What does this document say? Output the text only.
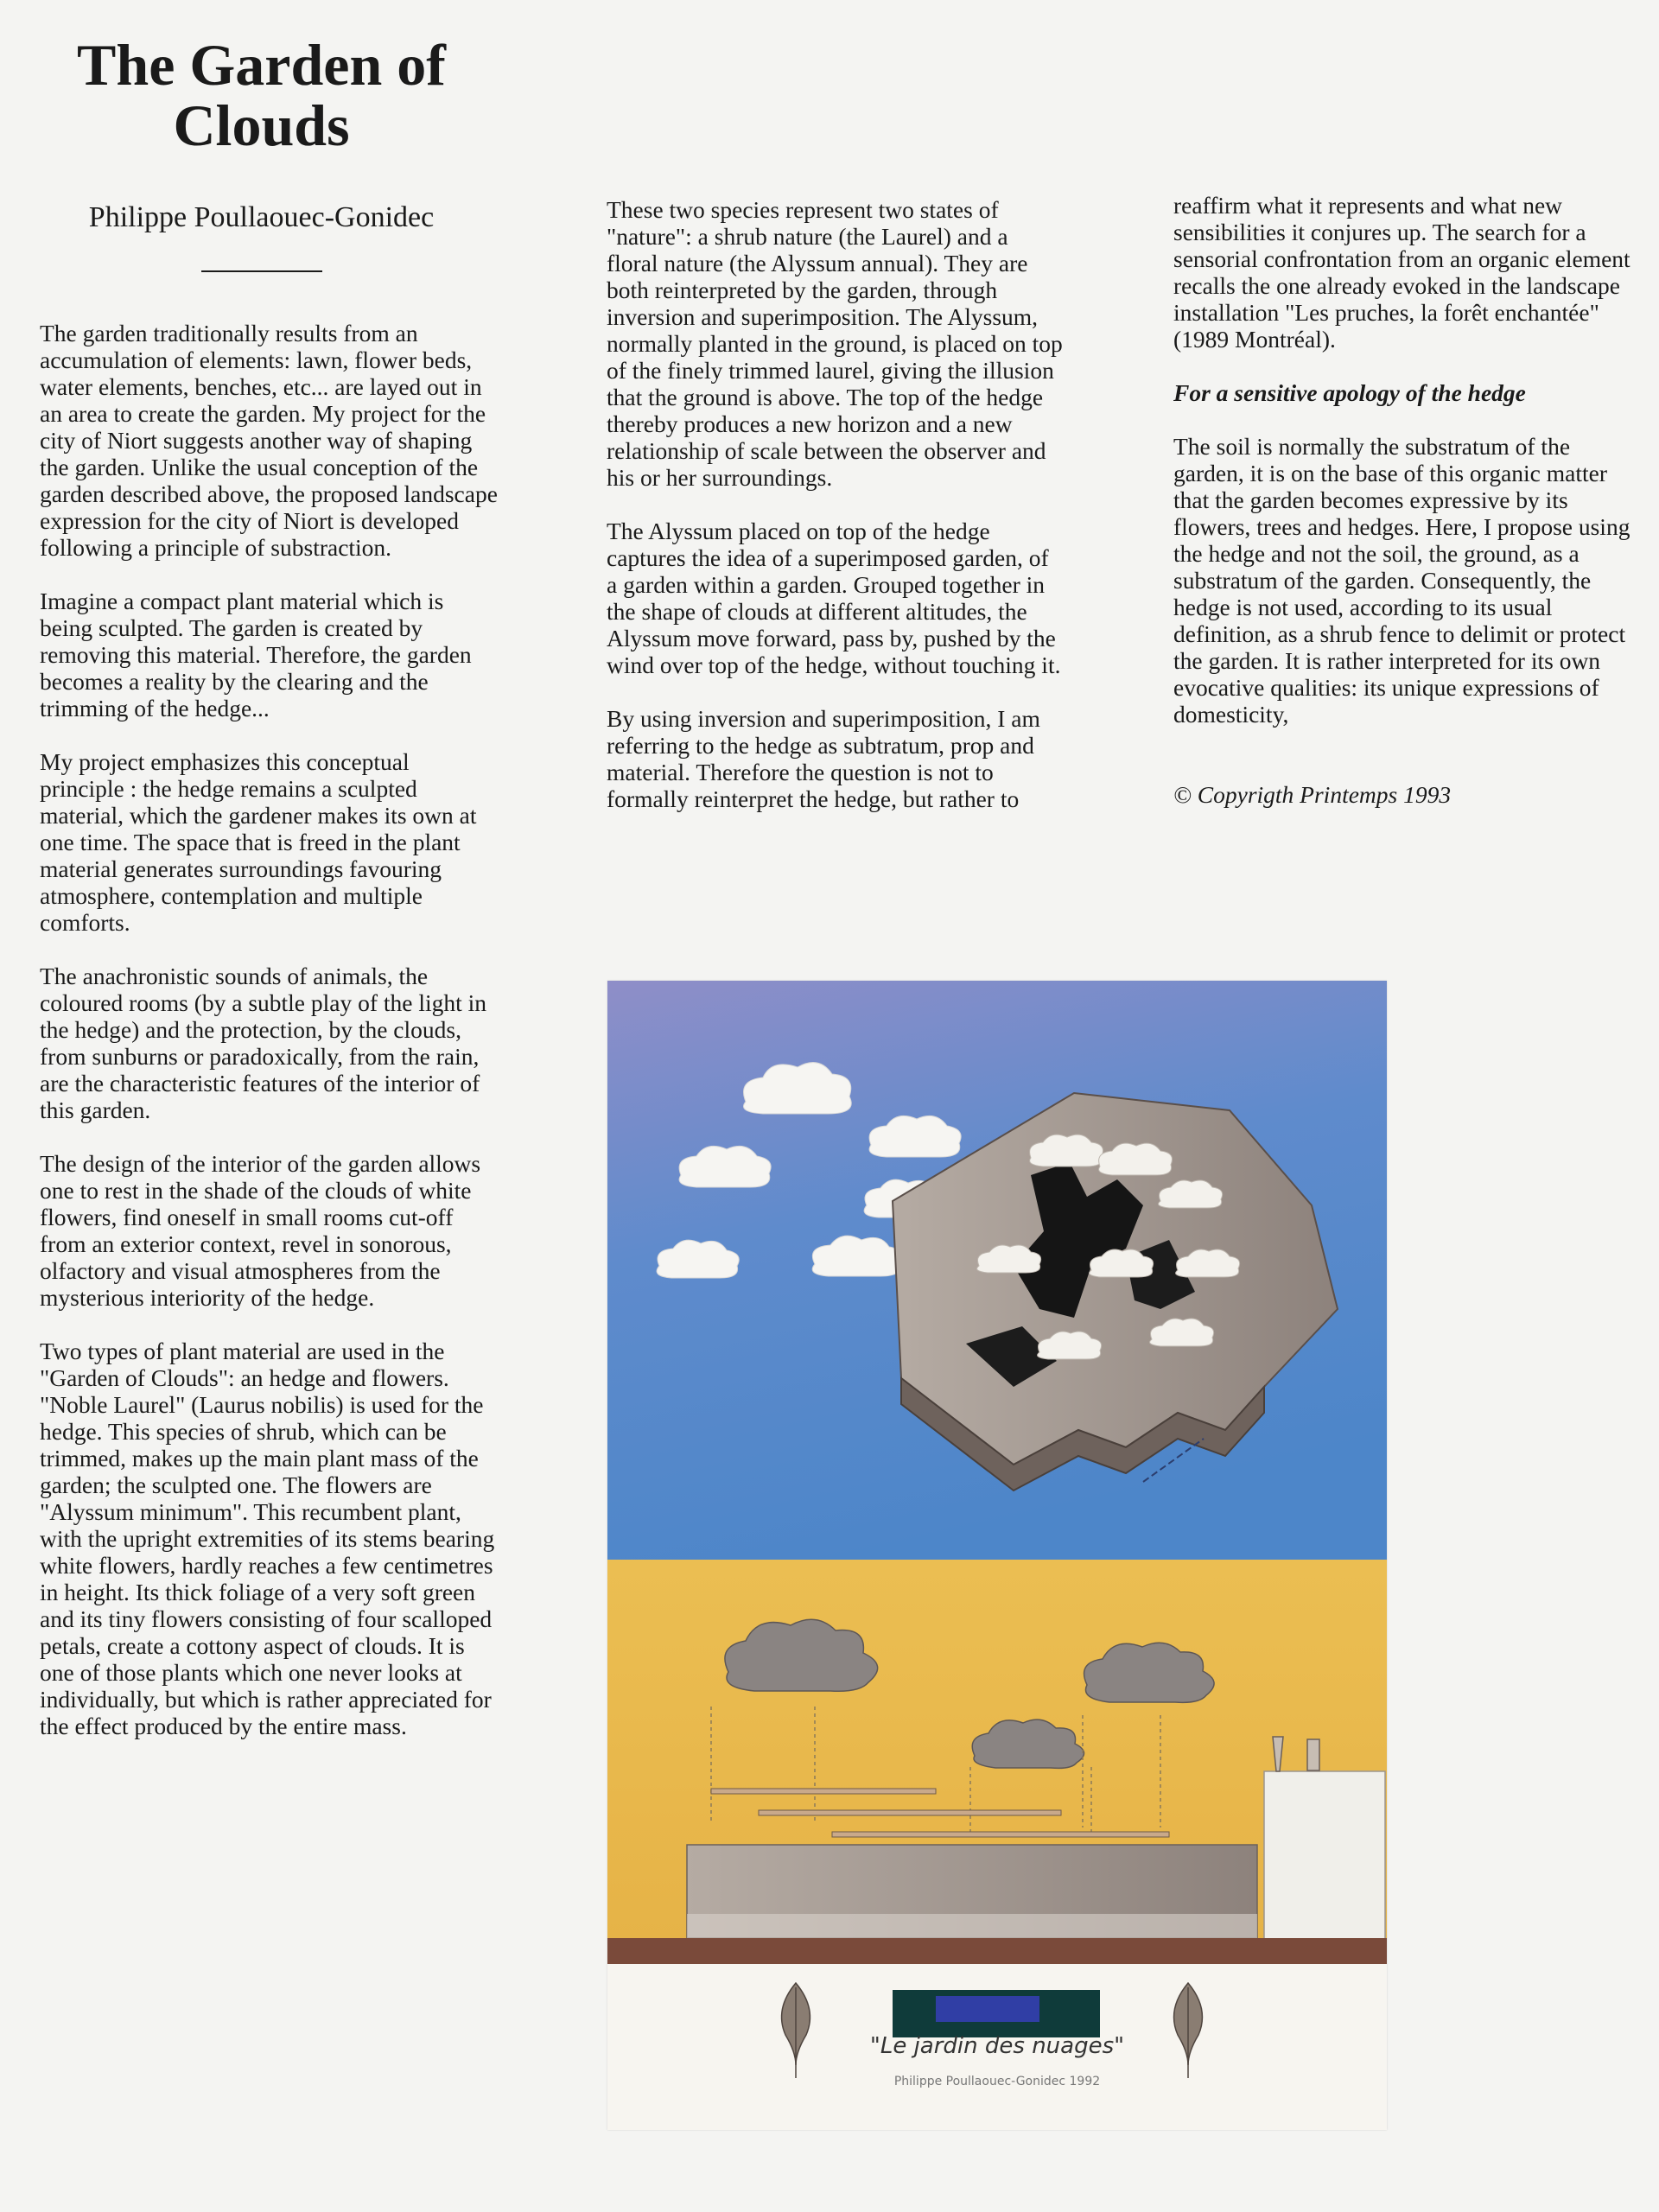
The Garden of Clouds
Philippe Poullaouec-Gonidec

The garden traditionally results from an accumulation of elements: lawn, flower beds, water elements, benches, etc... are layed out in an area to create the garden. My project for the city of Niort suggests another way of shaping the garden. Unlike the usual conception of the garden described above, the proposed landscape expression for the city of Niort is developed following a principle of substraction.

Imagine a compact plant material which is being sculpted. The garden is created by removing this material. Therefore, the garden becomes a reality by the clearing and the trimming of the hedge...

My project emphasizes this conceptual principle : the hedge remains a sculpted material, which the gardener makes its own at one time. The space that is freed in the plant material generates surroundings favouring atmosphere, contemplation and multiple comforts.

The anachronistic sounds of animals, the coloured rooms (by a subtle play of the light in the hedge) and the protection, by the clouds, from sunburns or paradoxically, from the rain, are the characteristic features of the interior of this garden.

The design of the interior of the garden allows one to rest in the shade of the clouds of white flowers, find oneself in small rooms cut-off from an exterior context, revel in sonorous, olfactory and visual atmospheres from the mysterious interiority of the hedge.

Two types of plant material are used in the "Garden of Clouds": an hedge and flowers. "Noble Laurel" (Laurus nobilis) is used for the hedge. This species of shrub, which can be trimmed, makes up the main plant mass of the garden; the sculpted one. The flowers are "Alyssum minimum". This recumbent plant, with the upright extremities of its stems bearing white flowers, hardly reaches a few centimetres in height. Its thick foliage of a very soft green and its tiny flowers consisting of four scalloped petals, create a cottony aspect of clouds. It is one of those plants which one never looks at individually, but which is rather appreciated for the effect produced by the entire mass.

These two species represent two states of "nature": a shrub nature (the Laurel) and a floral nature (the Alyssum annual). They are both reinterpreted by the garden, through inversion and superimposition. The Alyssum, normally planted in the ground, is placed on top of the finely trimmed laurel, giving the illusion that the ground is above. The top of the hedge thereby produces a new horizon and a new relationship of scale between the observer and his or her surroundings.

The Alyssum placed on top of the hedge captures the idea of a superimposed garden, of a garden within a garden. Grouped together in the shape of clouds at different altitudes, the Alyssum move forward, pass by, pushed by the wind over top of the hedge, without touching it.

By using inversion and superimposition, I am referring to the hedge as subtratum, prop and material. Therefore the question is not to formally reinterpret the hedge, but rather to

reaffirm what it represents and what new sensibilities it conjures up. The search for a sensorial confrontation from an organic element recalls the one already evoked in the landscape installation "Les pruches, la forêt enchantée" (1989 Montréal).

For a sensitive apology of the hedge

The soil is normally the substratum of the garden, it is on the base of this organic matter that the garden becomes expressive by its flowers, trees and hedges. Here, I propose using the hedge and not the soil, the ground, as a substratum of the garden. Consequently, the hedge is not used, according to its usual definition, as a shrub fence to delimit or protect the garden. It is rather interpreted for its own evocative qualities: its unique expressions of domesticity,

© Copyrigth Printemps 1993

"Le jardin des nuages"
Philippe Poullaouec-Gonidec 1992
